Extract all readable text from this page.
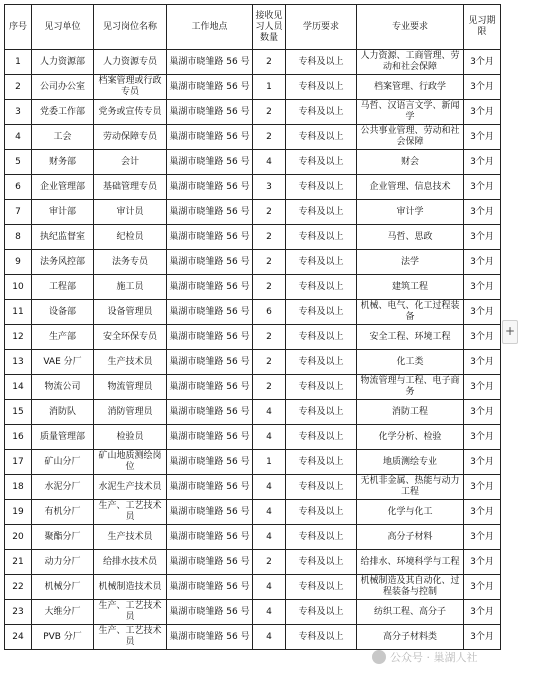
序号	见习单位	见习岗位名称	工作地点	接收见习人员数量	学历要求	专业要求	见习期限
1	人力资源部	人力资源专员	巢湖市晓雏路 56 号	2	专科及以上	人力资源、工商管理、劳动和社会保障	3个月
2	公司办公室	档案管理或行政专员	巢湖市晓雏路 56 号	1	专科及以上	档案管理、行政学	3个月
3	党委工作部	党务或宣传专员	巢湖市晓雏路 56 号	2	专科及以上	马哲、汉语言文学、新闻学	3个月
4	工会	劳动保障专员	巢湖市晓雏路 56 号	2	专科及以上	公共事业管理、劳动和社会保障	3个月
5	财务部	会计	巢湖市晓雏路 56 号	4	专科及以上	财会	3个月
6	企业管理部	基础管理专员	巢湖市晓雏路 56 号	3	专科及以上	企业管理、信息技术	3个月
7	审计部	审计员	巢湖市晓雏路 56 号	2	专科及以上	审计学	3个月
8	执纪监督室	纪检员	巢湖市晓雏路 56 号	2	专科及以上	马哲、思政	3个月
9	法务风控部	法务专员	巢湖市晓雏路 56 号	2	专科及以上	法学	3个月
10	工程部	施工员	巢湖市晓雏路 56 号	2	专科及以上	建筑工程	3个月
11	设备部	设备管理员	巢湖市晓雏路 56 号	6	专科及以上	机械、电气、化工过程装备	3个月
12	生产部	安全环保专员	巢湖市晓雏路 56 号	2	专科及以上	安全工程、环境工程	3个月
13	VAE 分厂	生产技术员	巢湖市晓雏路 56 号	2	专科及以上	化工类	3个月
14	物流公司	物流管理员	巢湖市晓雏路 56 号	2	专科及以上	物流管理与工程、电子商务	3个月
15	消防队	消防管理员	巢湖市晓雏路 56 号	4	专科及以上	消防工程	3个月
16	质量管理部	检验员	巢湖市晓雏路 56 号	4	专科及以上	化学分析、检验	3个月
17	矿山分厂	矿山地质测绘岗位	巢湖市晓雏路 56 号	1	专科及以上	地质测绘专业	3个月
18	水泥分厂	水泥生产技术员	巢湖市晓雏路 56 号	4	专科及以上	无机非金属、热能与动力工程	3个月
19	有机分厂	生产、工艺技术员	巢湖市晓雏路 56 号	4	专科及以上	化学与化工	3个月
20	聚酯分厂	生产技术员	巢湖市晓雏路 56 号	4	专科及以上	高分子材料	3个月
21	动力分厂	给排水技术员	巢湖市晓雏路 56 号	2	专科及以上	给排水、环境科学与工程	3个月
22	机械分厂	机械制造技术员	巢湖市晓雏路 56 号	4	专科及以上	机械制造及其自动化、过程装备与控制	3个月
23	大维分厂	生产、工艺技术员	巢湖市晓雏路 56 号	4	专科及以上	纺织工程、高分子	3个月
24	PVB 分厂	生产、工艺技术员	巢湖市晓雏路 56 号	4	专科及以上	高分子材料类	3个月
+
公众号 · 巢湖人社
